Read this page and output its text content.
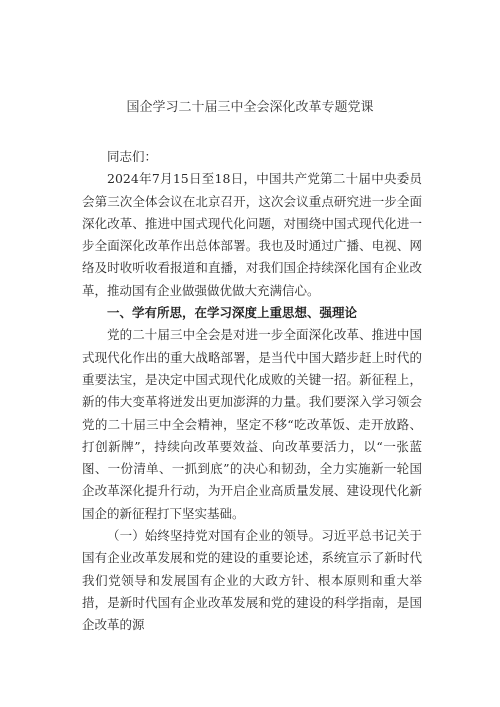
国企学习二十届三中全会深化改革专题党课

同志们：

2024年7月15日至18日，中国共产党第二十届中央委员会第三次全体会议在北京召开，这次会议重点研究进一步全面深化改革、推进中国式现代化问题，对围绕中国式现代化进一步全面深化改革作出总体部署。我也及时通过广播、电视、网络及时收听收看报道和直播，对我们国企持续深化国有企业改革，推动国有企业做强做优做大充满信心。

一、学有所思，在学习深度上重思想、强理论

党的二十届三中全会是对进一步全面深化改革、推进中国式现代化作出的重大战略部署，是当代中国大踏步赶上时代的重要法宝，是决定中国式现代化成败的关键一招。新征程上，新的伟大变革将迸发出更加澎湃的力量。我们要深入学习领会党的二十届三中全会精神，坚定不移“吃改革饭、走开放路、打创新牌”，持续向改革要效益、向改革要活力，以“一张蓝图、一份清单、一抓到底”的决心和韧劲，全力实施新一轮国企改革深化提升行动，为开启企业高质量发展、建设现代化新国企的新征程打下坚实基础。

（一）始终坚持党对国有企业的领导。习近平总书记关于国有企业改革发展和党的建设的重要论述，系统宣示了新时代我们党领导和发展国有企业的大政方针、根本原则和重大举措，是新时代国有企业改革发展和党的建设的科学指南，是国企改革的源
